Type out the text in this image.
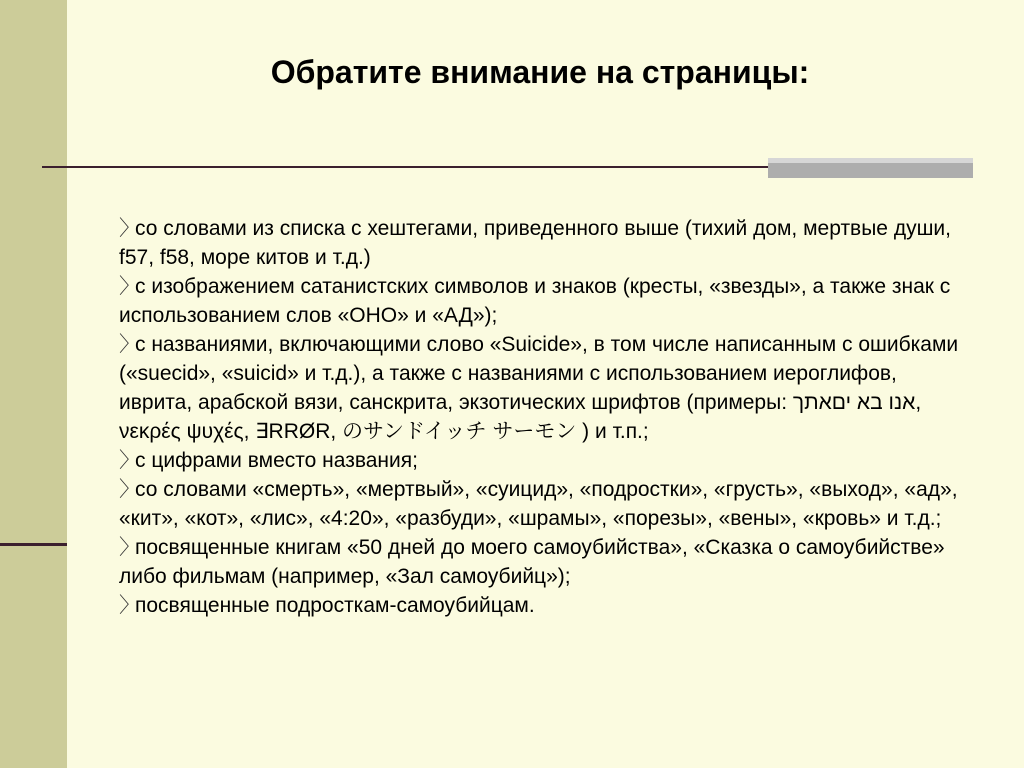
Обратите внимание на страницы:
〉со словами из списка с хештегами, приведенного выше (тихий дом, мертвые души, f57, f58, море китов и т.д.)
〉с изображением сатанистских символов и знаков (кресты, «звезды», а также знак с использованием слов «ОНО» и «АД»);
〉с названиями, включающими слово «Suicide», в том числе написанным с ошибками («suecid», «suicid» и т.д.), а также с названиями с использованием иероглифов, иврита, арабской вязи, санскрита, экзотических шрифтов (примеры: אנו בא יםאתך, νεκρές ψυχές, ∃RRØR, のサンドイッチ サーモン ) и т.п.;
〉с цифрами вместо названия;
〉со словами «смерть», «мертвый», «суицид», «подростки», «грусть», «выход», «ад», «кит», «кот», «лис», «4:20», «разбуди», «шрамы», «порезы», «вены», «кровь» и т.д.;
〉посвященные книгам «50 дней до моего самоубийства», «Сказка о самоубийстве» либо фильмам (например, «Зал самоубийц»);
〉посвященные подросткам-самоубийцам.
